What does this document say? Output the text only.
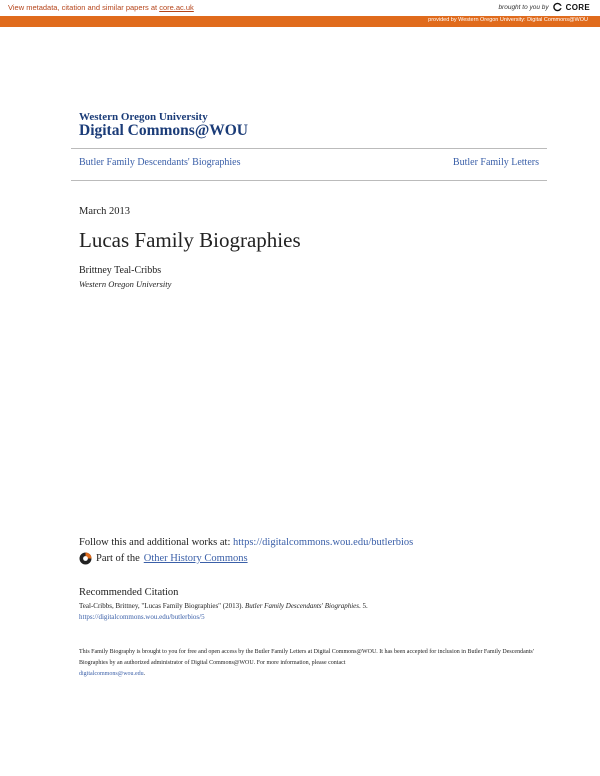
View metadata, citation and similar papers at core.ac.uk	brought to you by CORE
provided by Western Oregon University: Digital Commons@WOU
Western Oregon University
Digital Commons@WOU
Butler Family Descendants' Biographies	Butler Family Letters
March 2013
Lucas Family Biographies
Brittney Teal-Cribbs
Western Oregon University
Follow this and additional works at: https://digitalcommons.wou.edu/butlerbios
Part of the Other History Commons
Recommended Citation
Teal-Cribbs, Brittney, "Lucas Family Biographies" (2013). Butler Family Descendants' Biographies. 5.
https://digitalcommons.wou.edu/butlerbios/5
This Family Biography is brought to you for free and open access by the Butler Family Letters at Digital Commons@WOU. It has been accepted for inclusion in Butler Family Descendants' Biographies by an authorized administrator of Digital Commons@WOU. For more information, please contact
digitalcommons@wou.edu.
